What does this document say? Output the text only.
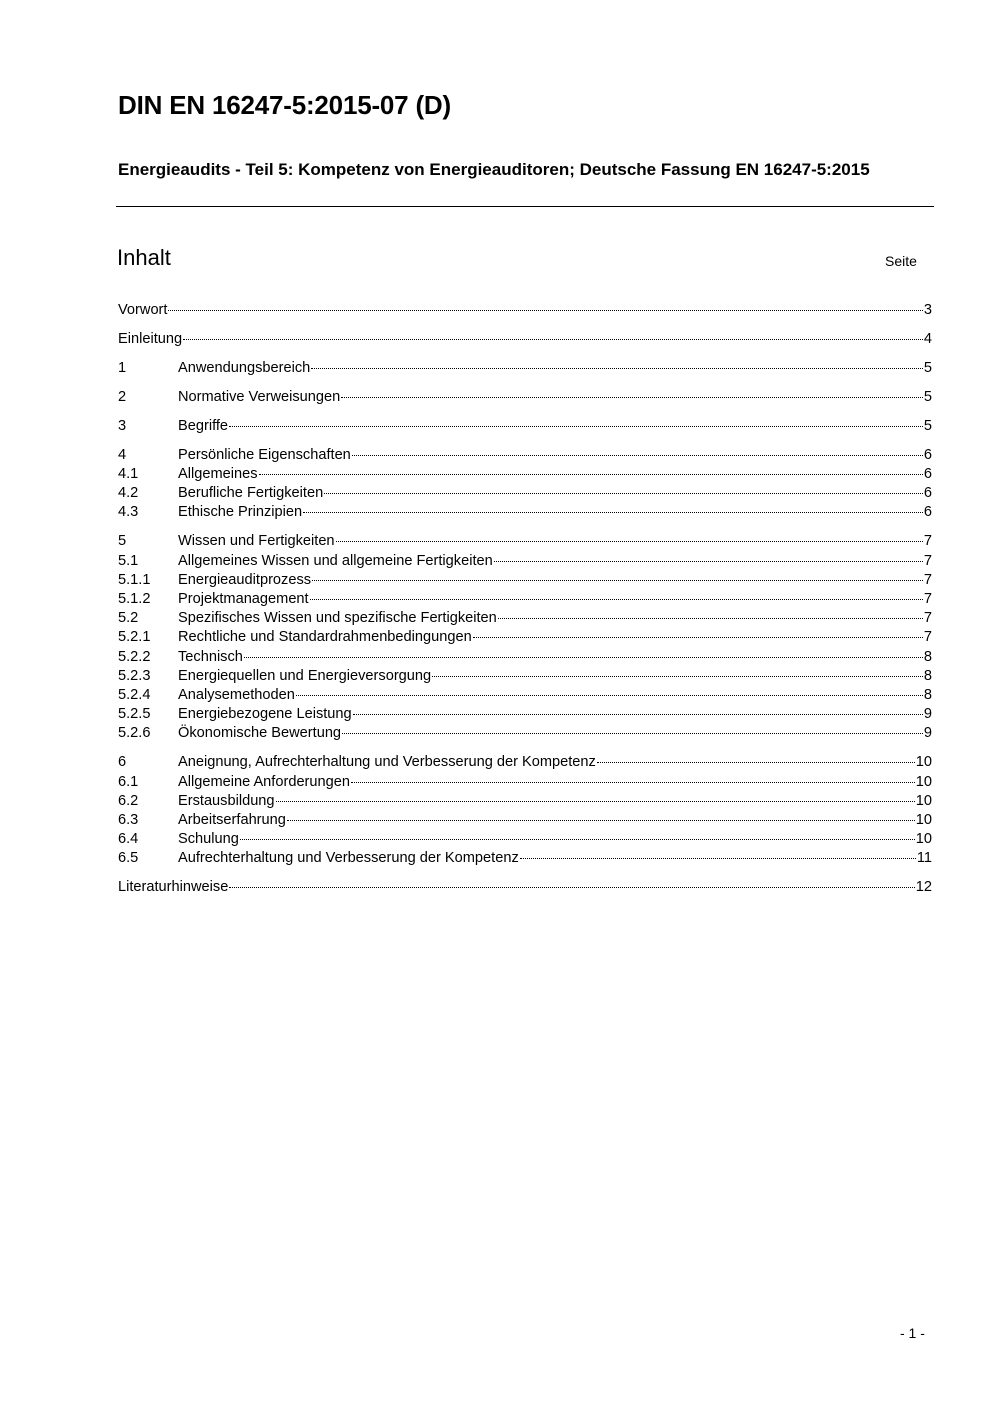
DIN EN 16247-5:2015-07 (D)
Energieaudits - Teil 5: Kompetenz von Energieauditoren; Deutsche Fassung EN 16247-5:2015
Inhalt	Seite
Vorwort	3
Einleitung	4
1	Anwendungsbereich	5
2	Normative Verweisungen	5
3	Begriffe	5
4	Persönliche Eigenschaften	6
4.1	Allgemeines	6
4.2	Berufliche Fertigkeiten	6
4.3	Ethische Prinzipien	6
5	Wissen und Fertigkeiten	7
5.1	Allgemeines Wissen und allgemeine Fertigkeiten	7
5.1.1	Energieauditprozess	7
5.1.2	Projektmanagement	7
5.2	Spezifisches Wissen und spezifische Fertigkeiten	7
5.2.1	Rechtliche und Standardrahmenbedingungen	7
5.2.2	Technisch	8
5.2.3	Energiequellen und Energieversorgung	8
5.2.4	Analysemethoden	8
5.2.5	Energiebezogene Leistung	9
5.2.6	Ökonomische Bewertung	9
6	Aneignung, Aufrechterhaltung und Verbesserung der Kompetenz	10
6.1	Allgemeine Anforderungen	10
6.2	Erstausbildung	10
6.3	Arbeitserfahrung	10
6.4	Schulung	10
6.5	Aufrechterhaltung und Verbesserung der Kompetenz	11
Literaturhinweise	12
- 1 -
